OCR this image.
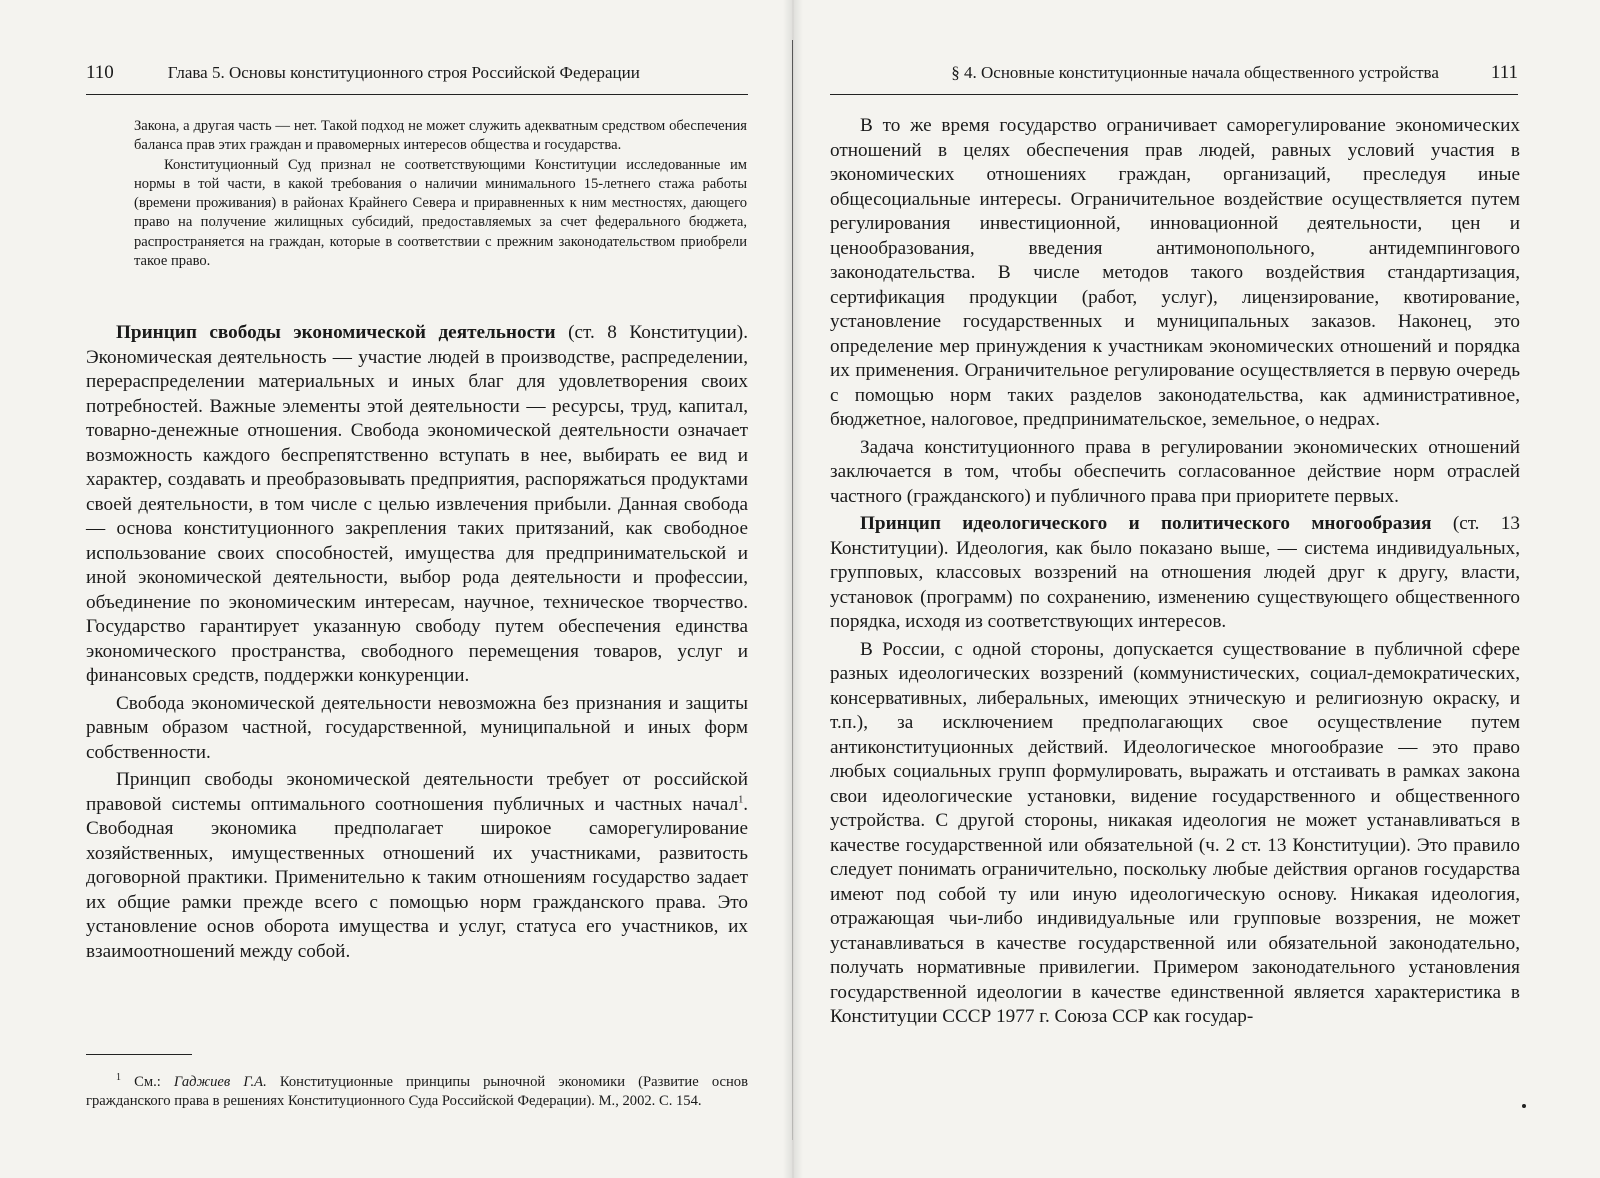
110	Глава 5. Основы конституционного строя Российской Федерации

Закона, а другая часть — нет. Такой подход не может служить адекватным средством обеспечения баланса прав этих граждан и правомерных интересов общества и государства.

Конституционный Суд признал не соответствующими Конституции исследованные им нормы в той части, в какой требования о наличии минимального 15-летнего стажа работы (времени проживания) в районах Крайнего Севера и приравненных к ним местностях, дающего право на получение жилищных субсидий, предоставляемых за счет федерального бюджета, распространяется на граждан, которые в соответствии с прежним законодательством приобрели такое право.

Принцип свободы экономической деятельности (ст. 8 Конституции). Экономическая деятельность — участие людей в производстве, распределении, перераспределении материальных и иных благ для удовлетворения своих потребностей. Важные элементы этой деятельности — ресурсы, труд, капитал, товарно-денежные отношения. Свобода экономической деятельности означает возможность каждого беспрепятственно вступать в нее, выбирать ее вид и характер, создавать и преобразовывать предприятия, распоряжаться продуктами своей деятельности, в том числе с целью извлечения прибыли. Данная свобода — основа конституционного закрепления таких притязаний, как свободное использование своих способностей, имущества для предпринимательской и иной экономической деятельности, выбор рода деятельности и профессии, объединение по экономическим интересам, научное, техническое творчество. Государство гарантирует указанную свободу путем обеспечения единства экономического пространства, свободного перемещения товаров, услуг и финансовых средств, поддержки конкуренции.

Свобода экономической деятельности невозможна без признания и защиты равным образом частной, государственной, муниципальной и иных форм собственности.

Принцип свободы экономической деятельности требует от российской правовой системы оптимального соотношения публичных и частных начал$^1$. Свободная экономика предполагает широкое саморегулирование хозяйственных, имущественных отношений их участниками, развитость договорной практики. Применительно к таким отношениям государство задает их общие рамки прежде всего с помощью норм гражданского права. Это установление основ оборота имущества и услуг, статуса его участников, их взаимоотношений между собой.

$^1$ См.: Гаджиев Г.А. Конституционные принципы рыночной экономики (Развитие основ гражданского права в решениях Конституционного Суда Российской Федерации). М., 2002. С. 154.
§ 4. Основные конституционные начала общественного устройства	111

В то же время государство ограничивает саморегулирование экономических отношений в целях обеспечения прав людей, равных условий участия в экономических отношениях граждан, организаций, преследуя иные общесоциальные интересы. Ограничительное воздействие осуществляется путем регулирования инвестиционной, инновационной деятельности, цен и ценообразования, введения антимонопольного, антидемпингового законодательства. В числе методов такого воздействия стандартизация, сертификация продукции (работ, услуг), лицензирование, квотирование, установление государственных и муниципальных заказов. Наконец, это определение мер принуждения к участникам экономических отношений и порядка их применения. Ограничительное регулирование осуществляется в первую очередь с помощью норм таких разделов законодательства, как административное, бюджетное, налоговое, предпринимательское, земельное, о недрах.

Задача конституционного права в регулировании экономических отношений заключается в том, чтобы обеспечить согласованное действие норм отраслей частного (гражданского) и публичного права при приоритете первых.

Принцип идеологического и политического многообразия (ст. 13 Конституции). Идеология, как было показано выше, — система индивидуальных, групповых, классовых воззрений на отношения людей друг к другу, власти, установок (программ) по сохранению, изменению существующего общественного порядка, исходя из соответствующих интересов.

В России, с одной стороны, допускается существование в публичной сфере разных идеологических воззрений (коммунистических, социал-демократических, консервативных, либеральных, имеющих этническую и религиозную окраску, и т.п.), за исключением предполагающих свое осуществление путем антиконституционных действий. Идеологическое многообразие — это право любых социальных групп формулировать, выражать и отстаивать в рамках закона свои идеологические установки, видение государственного и общественного устройства. С другой стороны, никакая идеология не может устанавливаться в качестве государственной или обязательной (ч. 2 ст. 13 Конституции). Это правило следует понимать ограничительно, поскольку любые действия органов государства имеют под собой ту или иную идеологическую основу. Никакая идеология, отражающая чьи-либо индивидуальные или групповые воззрения, не может устанавливаться в качестве государственной или обязательной законодательно, получать нормативные привилегии. Примером законодательного установления государственной идеологии в качестве единственной является характеристика в Конституции СССР 1977 г. Союза ССР как государ-
